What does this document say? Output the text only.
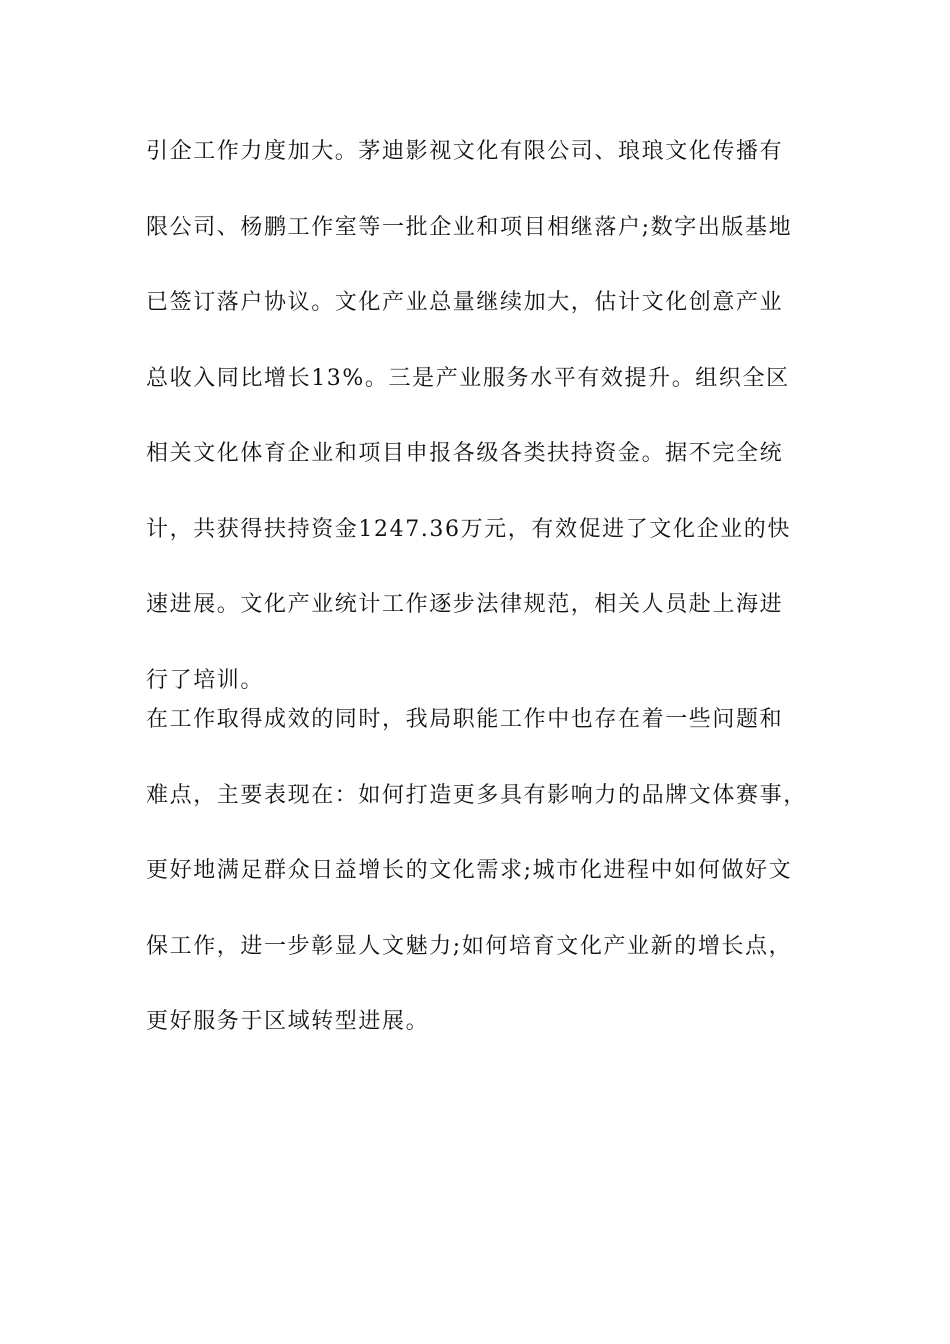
引企工作力度加大。茅迪影视文化有限公司、琅琅文化传播有
限公司、杨鹏工作室等一批企业和项目相继落户;数字出版基地
已签订落户协议。文化产业总量继续加大，估计文化创意产业
总收入同比增长13%。三是产业服务水平有效提升。组织全区
相关文化体育企业和项目申报各级各类扶持资金。据不完全统
计，共获得扶持资金1247.36万元，有效促进了文化企业的快
速进展。文化产业统计工作逐步法律规范，相关人员赴上海进
行了培训。
在工作取得成效的同时，我局职能工作中也存在着一些问题和
难点，主要表现在：如何打造更多具有影响力的品牌文体赛事，
更好地满足群众日益增长的文化需求;城市化进程中如何做好文
保工作，进一步彰显人文魅力;如何培育文化产业新的增长点，
更好服务于区域转型进展。
